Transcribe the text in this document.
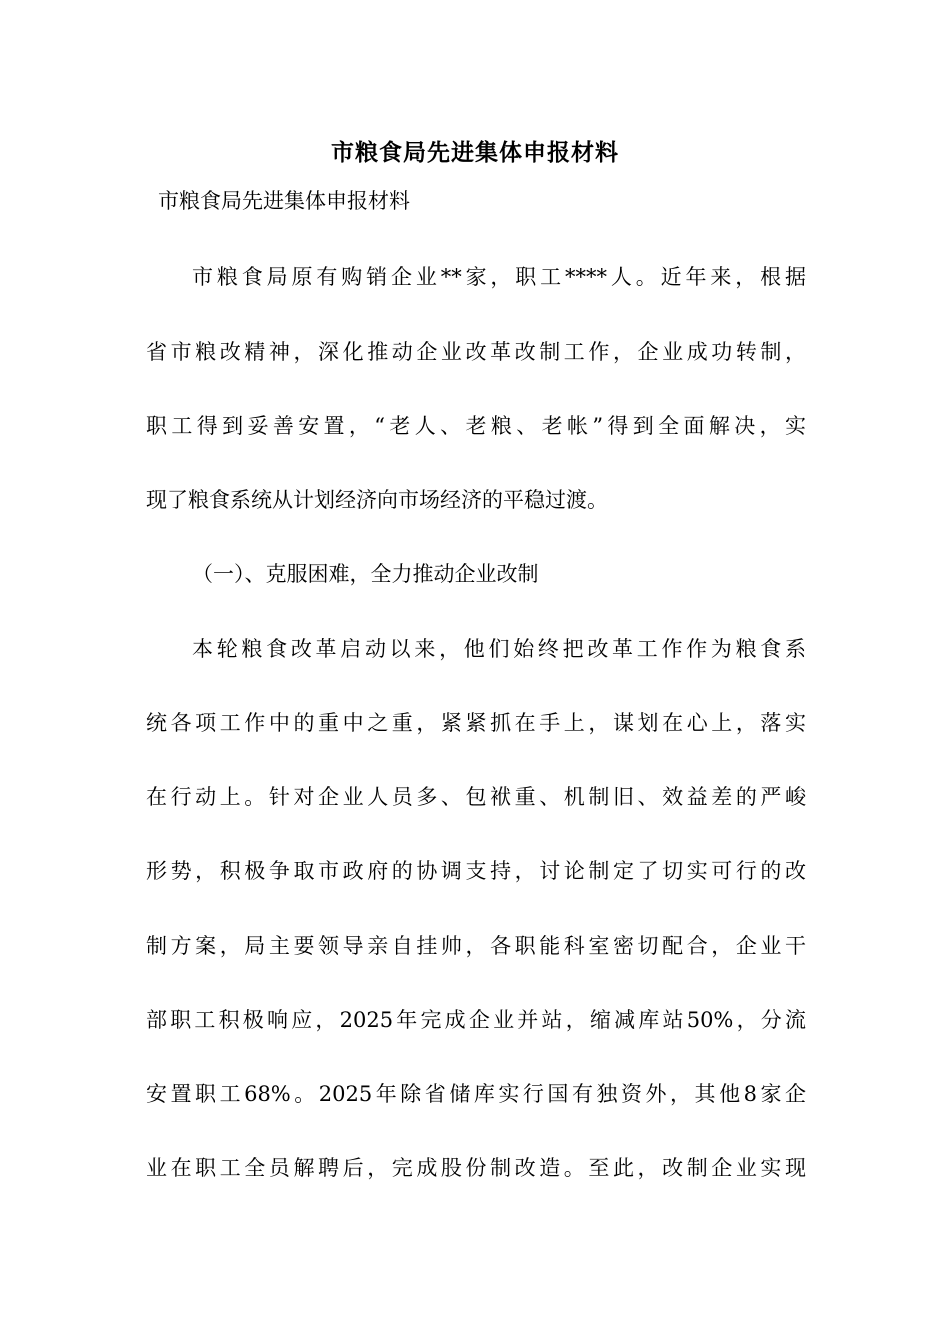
市粮食局先进集体申报材料

市粮食局先进集体申报材料

市粮食局原有购销企业**家，职工****人。近年来，根据

省市粮改精神，深化推动企业改革改制工作，企业成功转制，

职工得到妥善安置，“老人、老粮、老帐”得到全面解决，实

现了粮食系统从计划经济向市场经济的平稳过渡。

（一）、克服困难，全力推动企业改制

本轮粮食改革启动以来，他们始终把改革工作作为粮食系

统各项工作中的重中之重，紧紧抓在手上，谋划在心上，落实

在行动上。针对企业人员多、包袱重、机制旧、效益差的严峻

形势，积极争取市政府的协调支持，讨论制定了切实可行的改

制方案，局主要领导亲自挂帅，各职能科室密切配合，企业干

部职工积极响应，2025年完成企业并站，缩减库站50%，分流

安置职工68%。2025年除省储库实行国有独资外，其他8家企

业在职工全员解聘后，完成股份制改造。至此，改制企业实现
